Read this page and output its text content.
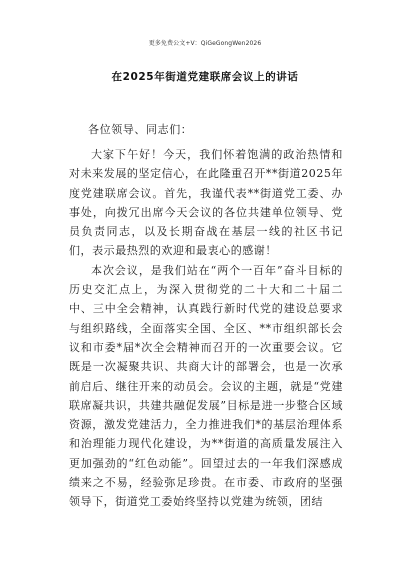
更多免费公文+V：QiGeGongWen2026
在2025年街道党建联席会议上的讲话
各位领导、同志们：

大家下午好！今天，我们怀着饱满的政治热情和对未来发展的坚定信心，在此隆重召开**街道2025年度党建联席会议。首先，我谨代表**街道党工委、办事处，向拨冗出席今天会议的各位共建单位领导、党员负责同志，以及长期奋战在基层一线的社区书记们，表示最热烈的欢迎和最衷心的感谢！

本次会议，是我们站在“两个一百年”奋斗目标的历史交汇点上，为深入贯彻党的二十大和二十届二中、三中全会精神，认真践行新时代党的建设总要求与组织路线，全面落实全国、全区、**市组织部长会议和市委*届*次全会精神而召开的一次重要会议。它既是一次凝聚共识、共商大计的部署会，也是一次承前启后、继往开来的动员会。会议的主题，就是“党建联席凝共识，共建共融促发展”目标是进一步整合区域资源，激发党建活力，全力推进我们*的基层治理体系和治理能力现代化建设，为**街道的高质量发展注入更加强劲的“红色动能”。回望过去的一年我们深感成绩来之不易，经验弥足珍贵。在市委、市政府的坚强领导下，街道党工委始终坚持以党建为统领，团结
